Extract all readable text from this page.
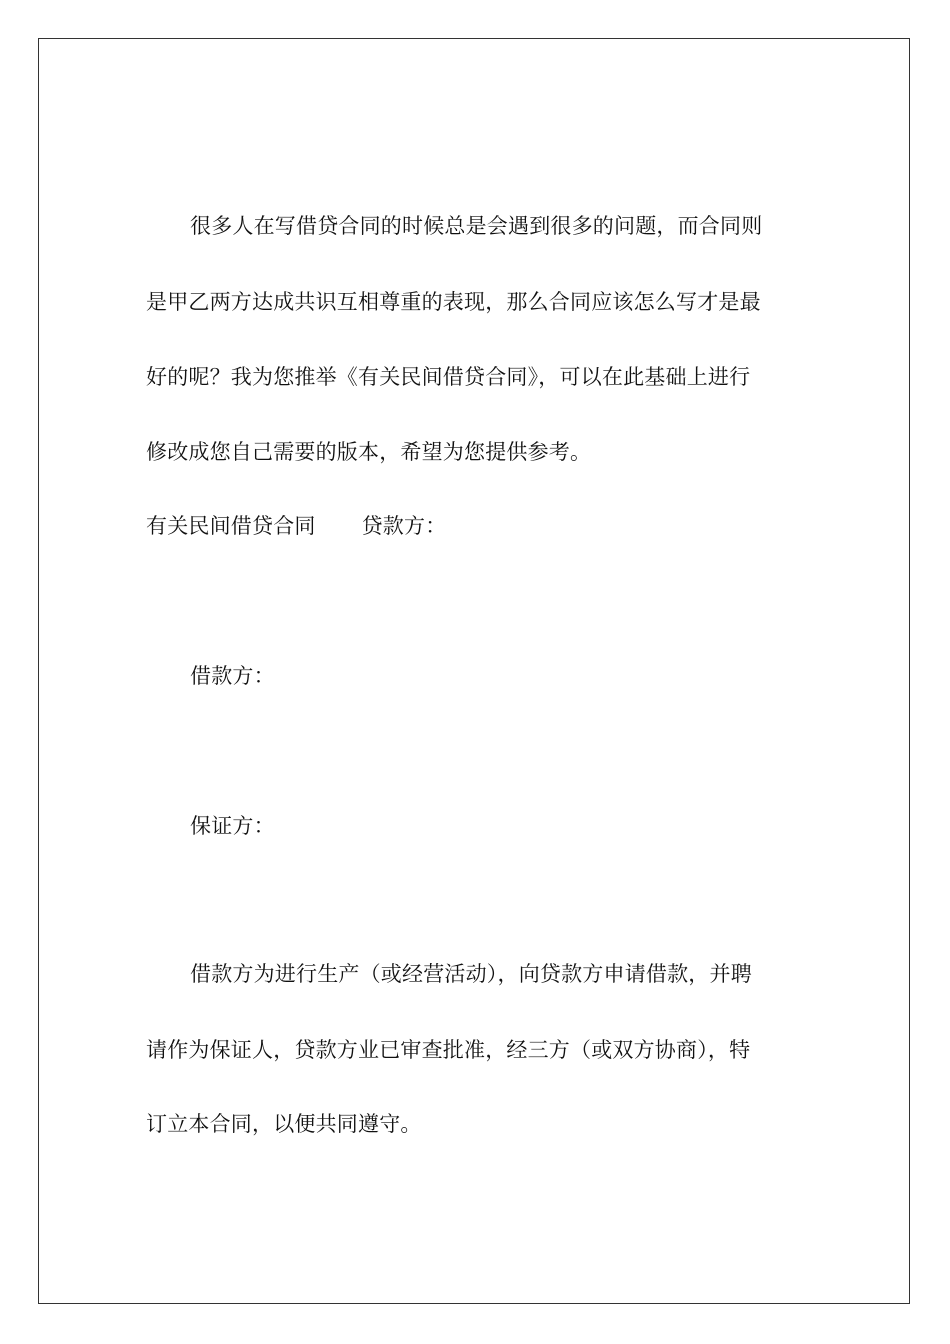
很多人在写借贷合同的时候总是会遇到很多的问题，而合同则
是甲乙两方达成共识互相尊重的表现，那么合同应该怎么写才是最
好的呢？我为您推举《有关民间借贷合同》，可以在此基础上进行
修改成您自己需要的版本，希望为您提供参考。
有关民间借贷合同 贷款方：
借款方：
保证方：
借款方为进行生产（或经营活动），向贷款方申请借款，并聘
请作为保证人，贷款方业已审查批准，经三方（或双方协商），特
订立本合同，以便共同遵守。
